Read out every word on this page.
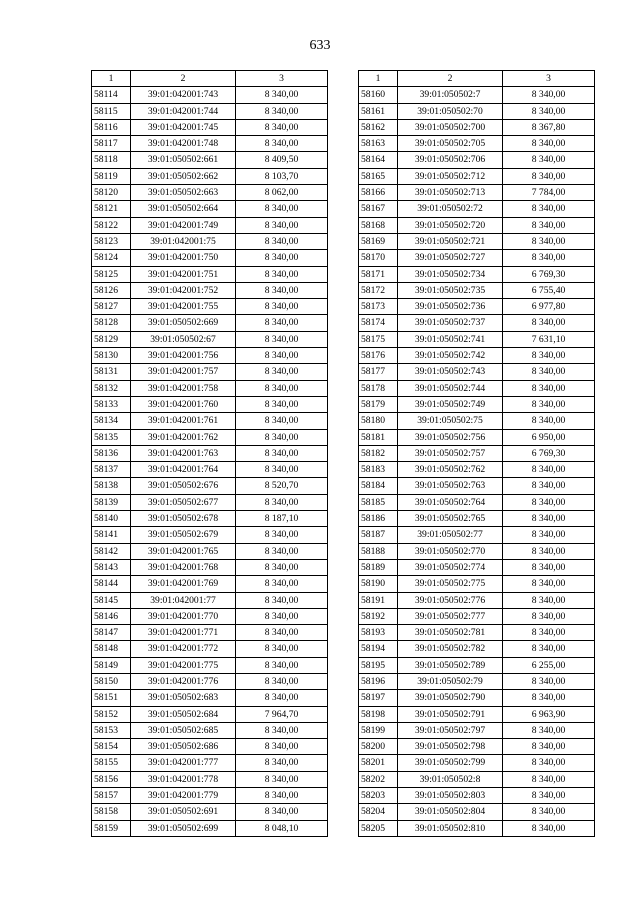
633
1	2	3
58114	39:01:042001:743	8 340,00
58115	39:01:042001:744	8 340,00
58116	39:01:042001:745	8 340,00
58117	39:01:042001:748	8 340,00
58118	39:01:050502:661	8 409,50
58119	39:01:050502:662	8 103,70
58120	39:01:050502:663	8 062,00
58121	39:01:050502:664	8 340,00
58122	39:01:042001:749	8 340,00
58123	39:01:042001:75	8 340,00
58124	39:01:042001:750	8 340,00
58125	39:01:042001:751	8 340,00
58126	39:01:042001:752	8 340,00
58127	39:01:042001:755	8 340,00
58128	39:01:050502:669	8 340,00
58129	39:01:050502:67	8 340,00
58130	39:01:042001:756	8 340,00
58131	39:01:042001:757	8 340,00
58132	39:01:042001:758	8 340,00
58133	39:01:042001:760	8 340,00
58134	39:01:042001:761	8 340,00
58135	39:01:042001:762	8 340,00
58136	39:01:042001:763	8 340,00
58137	39:01:042001:764	8 340,00
58138	39:01:050502:676	8 520,70
58139	39:01:050502:677	8 340,00
58140	39:01:050502:678	8 187,10
58141	39:01:050502:679	8 340,00
58142	39:01:042001:765	8 340,00
58143	39:01:042001:768	8 340,00
58144	39:01:042001:769	8 340,00
58145	39:01:042001:77	8 340,00
58146	39:01:042001:770	8 340,00
58147	39:01:042001:771	8 340,00
58148	39:01:042001:772	8 340,00
58149	39:01:042001:775	8 340,00
58150	39:01:042001:776	8 340,00
58151	39:01:050502:683	8 340,00
58152	39:01:050502:684	7 964,70
58153	39:01:050502:685	8 340,00
58154	39:01:050502:686	8 340,00
58155	39:01:042001:777	8 340,00
58156	39:01:042001:778	8 340,00
58157	39:01:042001:779	8 340,00
58158	39:01:050502:691	8 340,00
58159	39:01:050502:699	8 048,10
1	2	3
58160	39:01:050502:7	8 340,00
58161	39:01:050502:70	8 340,00
58162	39:01:050502:700	8 367,80
58163	39:01:050502:705	8 340,00
58164	39:01:050502:706	8 340,00
58165	39:01:050502:712	8 340,00
58166	39:01:050502:713	7 784,00
58167	39:01:050502:72	8 340,00
58168	39:01:050502:720	8 340,00
58169	39:01:050502:721	8 340,00
58170	39:01:050502:727	8 340,00
58171	39:01:050502:734	6 769,30
58172	39:01:050502:735	6 755,40
58173	39:01:050502:736	6 977,80
58174	39:01:050502:737	8 340,00
58175	39:01:050502:741	7 631,10
58176	39:01:050502:742	8 340,00
58177	39:01:050502:743	8 340,00
58178	39:01:050502:744	8 340,00
58179	39:01:050502:749	8 340,00
58180	39:01:050502:75	8 340,00
58181	39:01:050502:756	6 950,00
58182	39:01:050502:757	6 769,30
58183	39:01:050502:762	8 340,00
58184	39:01:050502:763	8 340,00
58185	39:01:050502:764	8 340,00
58186	39:01:050502:765	8 340,00
58187	39:01:050502:77	8 340,00
58188	39:01:050502:770	8 340,00
58189	39:01:050502:774	8 340,00
58190	39:01:050502:775	8 340,00
58191	39:01:050502:776	8 340,00
58192	39:01:050502:777	8 340,00
58193	39:01:050502:781	8 340,00
58194	39:01:050502:782	8 340,00
58195	39:01:050502:789	6 255,00
58196	39:01:050502:79	8 340,00
58197	39:01:050502:790	8 340,00
58198	39:01:050502:791	6 963,90
58199	39:01:050502:797	8 340,00
58200	39:01:050502:798	8 340,00
58201	39:01:050502:799	8 340,00
58202	39:01:050502:8	8 340,00
58203	39:01:050502:803	8 340,00
58204	39:01:050502:804	8 340,00
58205	39:01:050502:810	8 340,00
